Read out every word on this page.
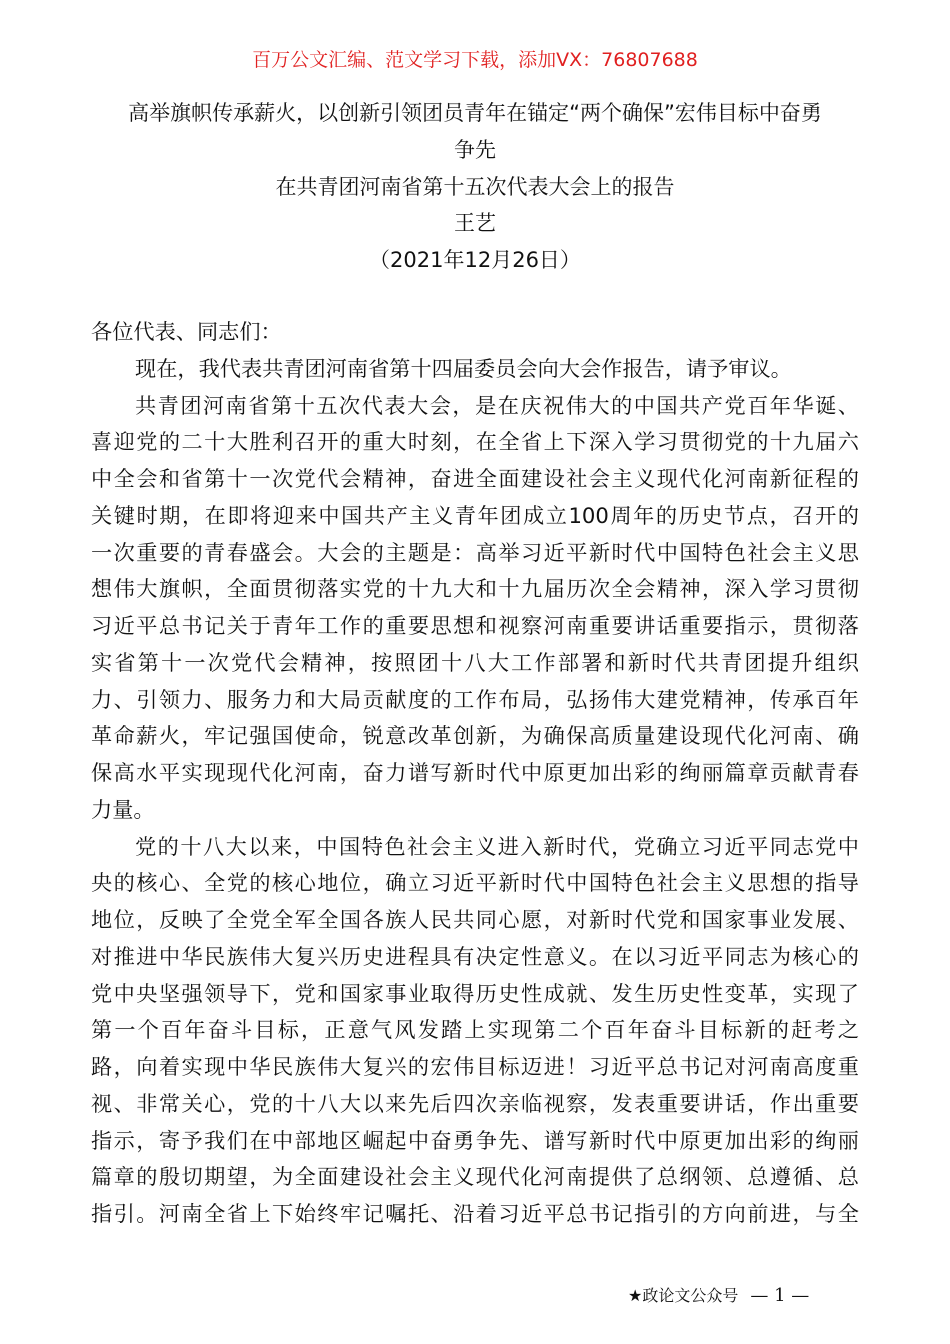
百万公文汇编、范文学习下载，添加VX：76807688
高举旗帜传承薪火，以创新引领团员青年在锚定“两个确保”宏伟目标中奋勇
争先
在共青团河南省第十五次代表大会上的报告
王艺
（2021年12月26日）
各位代表、同志们：
现在，我代表共青团河南省第十四届委员会向大会作报告，请予审议。
共青团河南省第十五次代表大会，是在庆祝伟大的中国共产党百年华诞、
喜迎党的二十大胜利召开的重大时刻，在全省上下深入学习贯彻党的十九届六
中全会和省第十一次党代会精神，奋进全面建设社会主义现代化河南新征程的
关键时期，在即将迎来中国共产主义青年团成立100周年的历史节点，召开的
一次重要的青春盛会。大会的主题是：高举习近平新时代中国特色社会主义思
想伟大旗帜，全面贯彻落实党的十九大和十九届历次全会精神，深入学习贯彻
习近平总书记关于青年工作的重要思想和视察河南重要讲话重要指示，贯彻落
实省第十一次党代会精神，按照团十八大工作部署和新时代共青团提升组织
力、引领力、服务力和大局贡献度的工作布局，弘扬伟大建党精神，传承百年
革命薪火，牢记强国使命，锐意改革创新，为确保高质量建设现代化河南、确
保高水平实现现代化河南，奋力谱写新时代中原更加出彩的绚丽篇章贡献青春
力量。
党的十八大以来，中国特色社会主义进入新时代，党确立习近平同志党中
央的核心、全党的核心地位，确立习近平新时代中国特色社会主义思想的指导
地位，反映了全党全军全国各族人民共同心愿，对新时代党和国家事业发展、
对推进中华民族伟大复兴历史进程具有决定性意义。在以习近平同志为核心的
党中央坚强领导下，党和国家事业取得历史性成就、发生历史性变革，实现了
第一个百年奋斗目标，正意气风发踏上实现第二个百年奋斗目标新的赶考之
路，向着实现中华民族伟大复兴的宏伟目标迈进！习近平总书记对河南高度重
视、非常关心，党的十八大以来先后四次亲临视察，发表重要讲话，作出重要
指示，寄予我们在中部地区崛起中奋勇争先、谱写新时代中原更加出彩的绚丽
篇章的殷切期望，为全面建设社会主义现代化河南提供了总纲领、总遵循、总
指引。河南全省上下始终牢记嘱托、沿着习近平总书记指引的方向前进，与全
★政论文公众号 — 1 —
